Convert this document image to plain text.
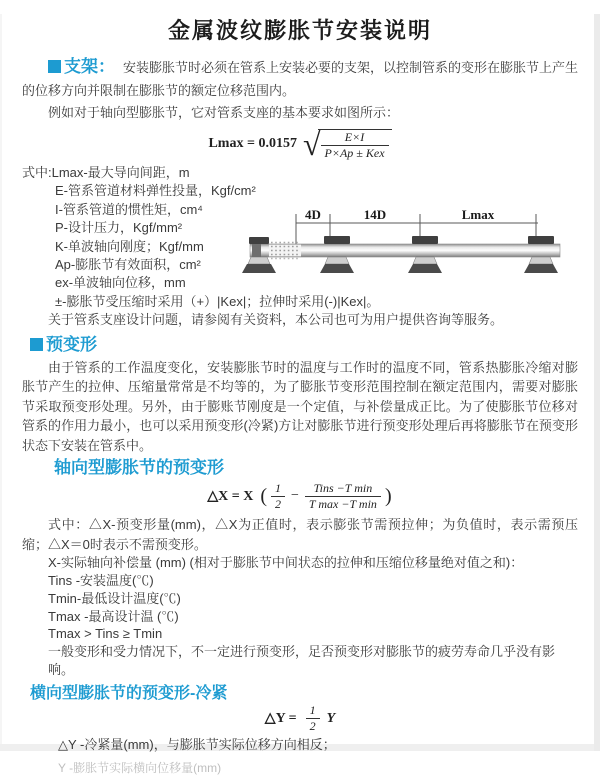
金属波纹膨胀节安装说明

支架： 安装膨胀节时必须在管系上安装必要的支架，以控制管系的变形在膨胀节上产生的位移方向并限制在膨胀节的额定位移范围内。

例如对于轴向型膨胀节，它对管系支座的基本要求如图所示：

Lmax = 0.0157 √ $\frac{E\times I}{\text{P×Ap ± Kex}}$
式中:Lmax-最大导向间距，m
E-管系管道材料弹性投量，Kgf/cm²
I-管系管道的惯性矩，cm⁴
P-设计压力，Kgf/mm²
K-单波轴向刚度；Kgf/mm
Ap-膨胀节有效面积，cm²
ex-单波轴向位移，mm
±-膨胀节受压缩时采用（+）|Kex|；拉伸时采用(-)|Kex|。
关于管系支座设计问题，请参阅有关资料，本公司也可为用户提供咨询等服务。
预变形

由于管系的工作温度变化，安装膨胀节时的温度与工作时的温度不同，管系热膨胀冷缩对膨胀节产生的拉伸、压缩量常常是不均等的，为了膨胀节变形范围控制在额定范围内，需要对膨胀节采取预变形处理。另外，由于膨账节刚度是一个定值，与补偿量成正比。为了使膨胀节位移对管系的作用力最小，也可以采用预变形(冷紧)方让对膨胀节进行预变形处理后再将膨胀节在预变形状态下安装在管系中。

轴向型膨胀节的预变形
△X = X ( $\frac{1}{2} - \frac{\text{Tins −T min}}{\text{T max −T min}}$ )

式中：△X-预变形量(mm)，△X为正值时，表示膨张节需预拉伸；为负值时，表示需预压缩；△X＝0时表示不需预变形。

X-实际轴向补偿量 (mm) (相对于膨胀节中间状态的拉伸和压缩位移量绝对值之和)：
Tins -安装温度(℃)
Tmin-最低设计温度(℃)
Tmax -最高设计温 (℃)
Tmax > Tins ≥ Tmin
一般变形和受力情况下，不一定进行预变形，足否预变形对膨胀节的疲劳寿命几乎没有影响。
横向型膨胀节的预变形-冷紧
△Y = $\frac{1}{2}$ Y
△Y -冷紧量(mm)，与膨胀节实际位移方向相反；
Y -膨胀节实际横向位移量(mm)
4D	14D	Lmax
